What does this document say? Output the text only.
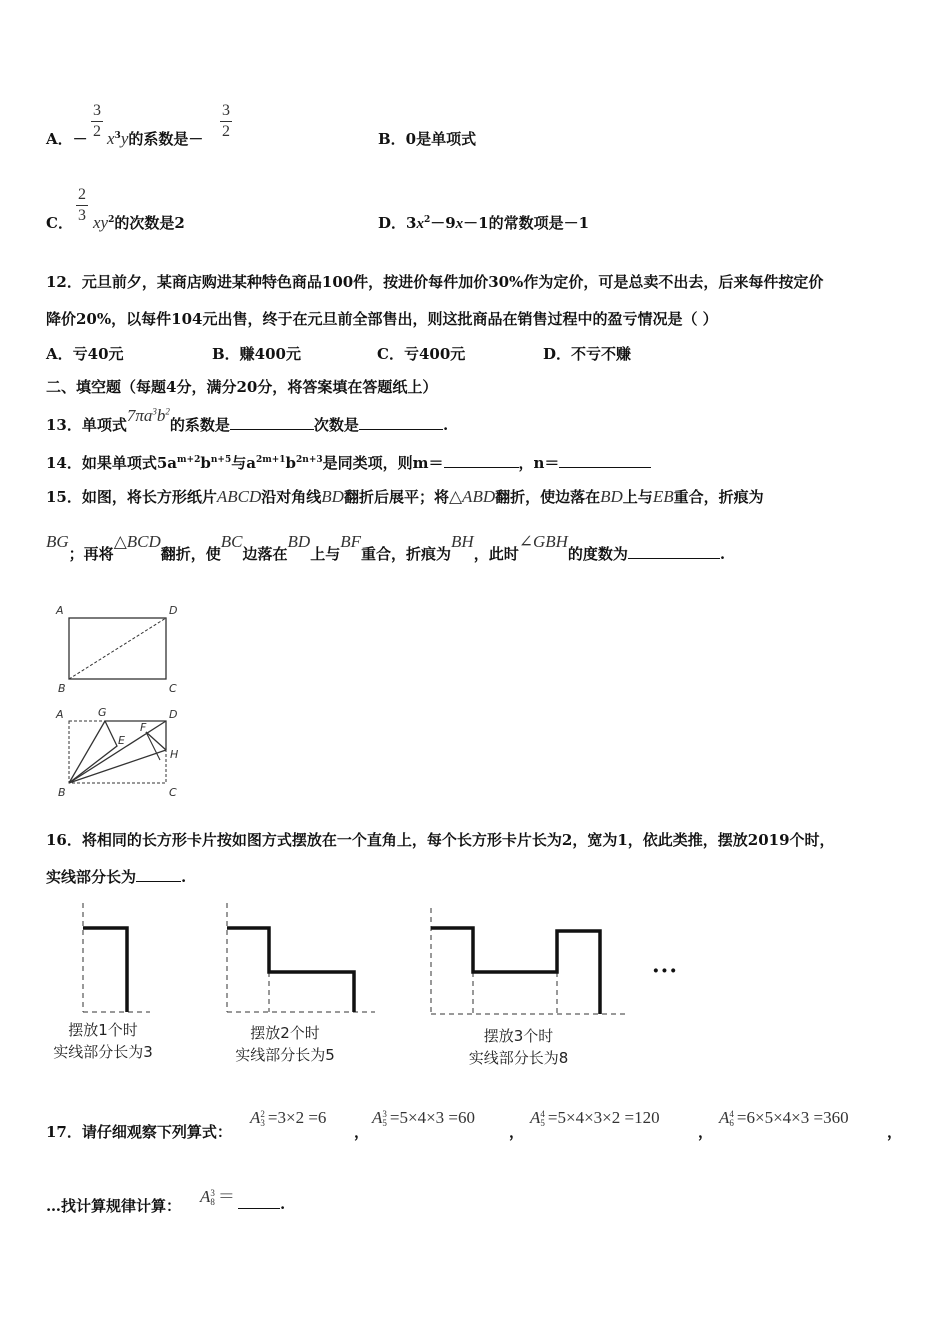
A．－
3
2 $x^3y$的系数是－
3
2	B．0是单项式
C．
2
3 $xy^2$的次数是2	D．$3x^2-9x-1$的常数项是－1
12．元旦前夕，某商店购进某种特色商品100件，按进价每件加价30%作为定价，可是总卖不出去，后来每件按定价
降价20%，以每件104元出售，终于在元旦前全部售出，则这批商品在销售过程中的盈亏情况是（ ）
A．亏40元	B．赚400元	C．亏400元	D．不亏不赚
二、填空题（每题4分，满分20分，将答案填在答题纸上）
13．单项式$7\pi a^3b^2$的系数是	次数是	.
14．如果单项式$5a^{m+2}b^{n+5}$与$a^{2m+1}b^{2n+3}$是同类项，则m＝	，n＝
15．如图，将长方形纸片ABCD沿对角线BD翻折后展平；将△ABD翻折，使边落在BD上与EB重合，折痕为
BG；再将△BCD翻折，使BC边落在BD上与BF重合，折痕为BH，此时∠GBH的度数为	.
A	D
B	C
A	G
F
E
D
H
B	C
16．将相同的长方形卡片按如图方式摆放在一个直角上，每个长方形卡片长为2，宽为1，依此类推，摆放2019个时，
实线部分长为	.
···
摆放1个时
实线部分长为3
摆放2个时
实线部分长为5
摆放3个时
实线部分长为8
17．请仔细观察下列算式：
A2
3 =3×2 =6
，
A3
5 =5×4×3 =60
，
A4
5 =5×4×3×2 =120
，
A4
6 =6×5×4×3 =360
，
…找计算规律计算： A3
8 ＝	.
